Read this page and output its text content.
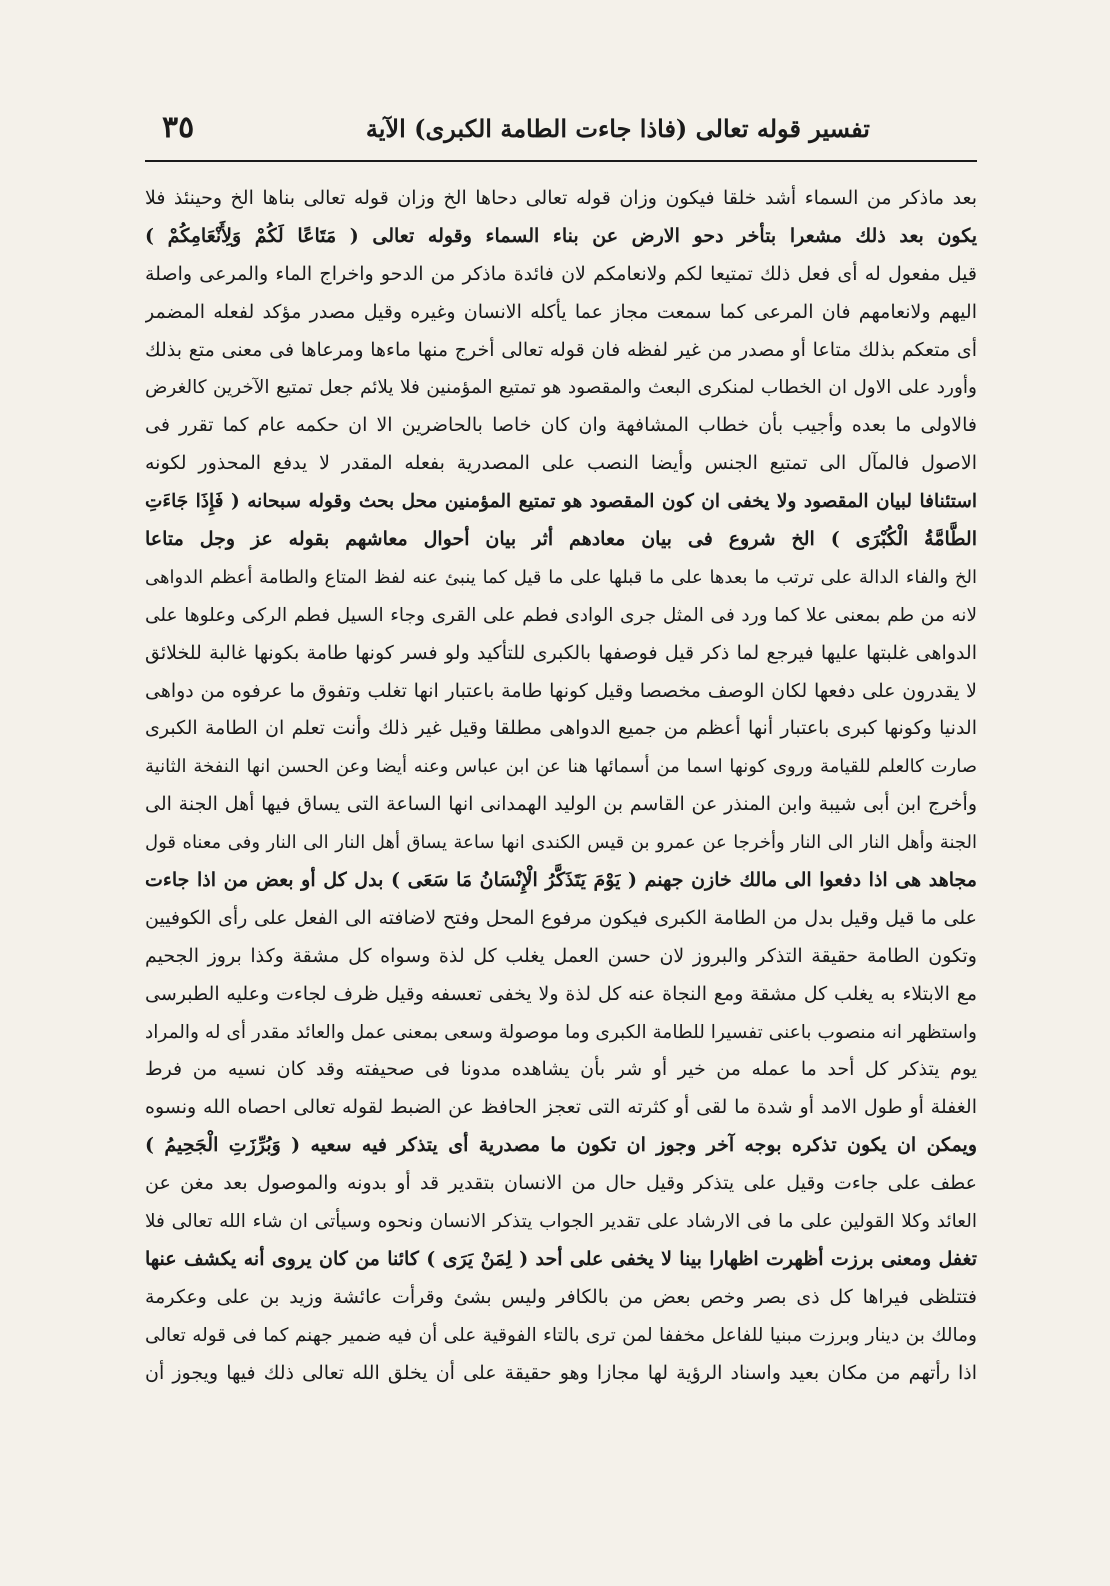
تفسير قوله تعالى (فاذا جاءت الطامة الكبرى) الآية
٣٥
بعد ماذكر من السماء أشد خلقا فيكون وزان قوله تعالى دحاها الخ وزان قوله تعالى بناها الخ وحينئذ فلا
يكون بعد ذلك مشعرا بتأخر دحو الارض عن بناء السماء وقوله تعالى ( مَتَاعًا لَكُمْ وَلِأَنْعَامِكُمْ )
قيل مفعول له أى فعل ذلك تمتيعا لكم ولانعامكم لان فائدة ماذكر من الدحو واخراج الماء والمرعى واصلة
اليهم ولانعامهم فان المرعى كما سمعت مجاز عما يأكله الانسان وغيره وقيل مصدر مؤكد لفعله المضمر
أى متعكم بذلك متاعا أو مصدر من غير لفظه فان قوله تعالى أخرج منها ماءها ومرعاها فى معنى متع بذلك
وأورد على الاول ان الخطاب لمنكرى البعث والمقصود هو تمتيع المؤمنين فلا يلائم جعل تمتيع الآخرين كالغرض
فالاولى ما بعده وأجيب بأن خطاب المشافهة وان كان خاصا بالحاضرين الا ان حكمه عام كما تقرر فى
الاصول فالمآل الى تمتيع الجنس وأيضا النصب على المصدرية بفعله المقدر لا يدفع المحذور لكونه
استئنافا لبيان المقصود ولا يخفى ان كون المقصود هو تمتيع المؤمنين محل بحث وقوله سبحانه ( فَإِذَا جَاءَتِ
الطَّامَّةُ الْكُبْرَى ) الخ شروع فى بيان معادهم أثر بيان أحوال معاشهم بقوله عز وجل متاعا
الخ والفاء الدالة على ترتب ما بعدها على ما قبلها على ما قيل كما ينبئ عنه لفظ المتاع والطامة أعظم الدواهى
لانه من طم بمعنى علا كما ورد فى المثل جرى الوادى فطم على القرى وجاء السيل فطم الركى وعلوها على
الدواهى غلبتها عليها فيرجع لما ذكر قيل فوصفها بالكبرى للتأكيد ولو فسر كونها طامة بكونها غالبة للخلائق
لا يقدرون على دفعها لكان الوصف مخصصا وقيل كونها طامة باعتبار انها تغلب وتفوق ما عرفوه من دواهى
الدنيا وكونها كبرى باعتبار أنها أعظم من جميع الدواهى مطلقا وقيل غير ذلك وأنت تعلم ان الطامة الكبرى
صارت كالعلم للقيامة وروى كونها اسما من أسمائها هنا عن ابن عباس وعنه أيضا وعن الحسن انها النفخة الثانية
وأخرج ابن أبى شيبة وابن المنذر عن القاسم بن الوليد الهمدانى انها الساعة التى يساق فيها أهل الجنة الى
الجنة وأهل النار الى النار وأخرجا عن عمرو بن قيس الكندى انها ساعة يساق أهل النار الى النار وفى معناه قول
مجاهد هى اذا دفعوا الى مالك خازن جهنم ( يَوْمَ يَتَذَكَّرُ الْإِنْسَانُ مَا سَعَى ) بدل كل أو بعض من اذا جاءت
على ما قيل وقيل بدل من الطامة الكبرى فيكون مرفوع المحل وفتح لاضافته الى الفعل على رأى الكوفيين
وتكون الطامة حقيقة التذكر والبروز لان حسن العمل يغلب كل لذة وسواه كل مشقة وكذا بروز الجحيم
مع الابتلاء به يغلب كل مشقة ومع النجاة عنه كل لذة ولا يخفى تعسفه وقيل ظرف لجاءت وعليه الطبرسى
واستظهر انه منصوب باعنى تفسيرا للطامة الكبرى وما موصولة وسعى بمعنى عمل والعائد مقدر أى له والمراد
يوم يتذكر كل أحد ما عمله من خير أو شر بأن يشاهده مدونا فى صحيفته وقد كان نسيه من فرط
الغفلة أو طول الامد أو شدة ما لقى أو كثرته التى تعجز الحافظ عن الضبط لقوله تعالى احصاه الله ونسوه
ويمكن ان يكون تذكره بوجه آخر وجوز ان تكون ما مصدرية أى يتذكر فيه سعيه ( وَبُرِّزَتِ الْجَحِيمُ )
عطف على جاءت وقيل على يتذكر وقيل حال من الانسان بتقدير قد أو بدونه والموصول بعد مغن عن
العائد وكلا القولين على ما فى الارشاد على تقدير الجواب يتذكر الانسان ونحوه وسيأتى ان شاء الله تعالى فلا
تغفل ومعنى برزت أظهرت اظهارا بينا لا يخفى على أحد ( لِمَنْ يَرَى ) كائنا من كان يروى أنه يكشف عنها
فتتلظى فيراها كل ذى بصر وخص بعض من بالكافر وليس بشئ وقرأت عائشة وزيد بن على وعكرمة
ومالك بن دينار وبرزت مبنيا للفاعل مخففا لمن ترى بالتاء الفوقية على أن فيه ضمير جهنم كما فى قوله تعالى
اذا رأتهم من مكان بعيد واسناد الرؤية لها مجازا وهو حقيقة على أن يخلق الله تعالى ذلك فيها ويجوز أن
